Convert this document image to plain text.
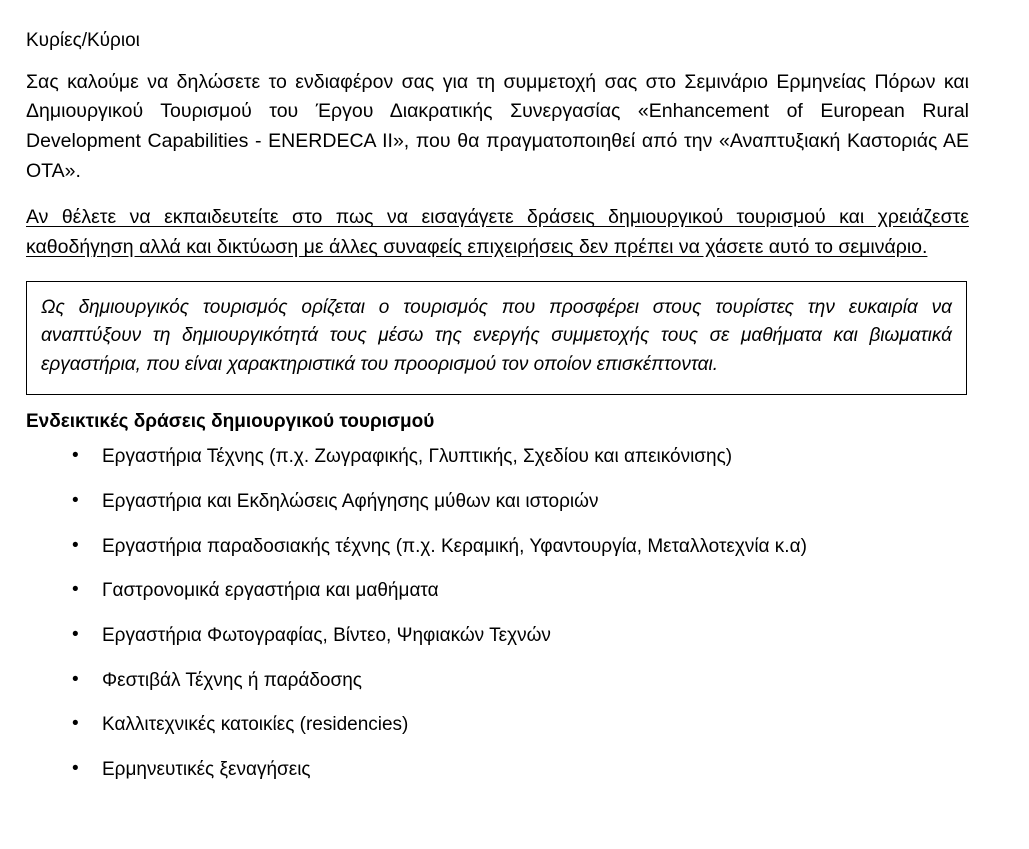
Κυρίες/Κύριοι

Σας καλούμε να δηλώσετε το ενδιαφέρον σας για τη συμμετοχή σας στο Σεμινάριο Ερμηνείας Πόρων και Δημιουργικού Τουρισμού του Έργου Διακρατικής Συνεργασίας «Enhancement of European Rural Development Capabilities - ENERDECA II», που θα πραγματοποιηθεί από την «Αναπτυξιακή Καστοριάς ΑΕ ΟΤΑ».

Αν θέλετε να εκπαιδευτείτε στο πως να εισαγάγετε δράσεις δημιουργικού τουρισμού και χρειάζεστε καθοδήγηση αλλά και δικτύωση με άλλες συναφείς επιχειρήσεις δεν πρέπει να χάσετε αυτό το σεμινάριο.

Ως δημιουργικός τουρισμός ορίζεται ο τουρισμός που προσφέρει στους τουρίστες την ευκαιρία να αναπτύξουν τη δημιουργικότητά τους μέσω της ενεργής συμμετοχής τους σε μαθήματα και βιωματικά εργαστήρια, που είναι χαρακτηριστικά του προορισμού τον οποίον επισκέπτονται.

Ενδεικτικές δράσεις δημιουργικού τουρισμού

• Εργαστήρια Τέχνης (π.χ. Ζωγραφικής, Γλυπτικής, Σχεδίου και απεικόνισης)
• Εργαστήρια και Εκδηλώσεις Αφήγησης μύθων και ιστοριών
• Εργαστήρια παραδοσιακής τέχνης (π.χ. Κεραμική, Υφαντουργία, Μεταλλοτεχνία κ.α)
• Γαστρονομικά εργαστήρια και μαθήματα
• Εργαστήρια Φωτογραφίας, Βίντεο, Ψηφιακών Τεχνών
• Φεστιβάλ Τέχνης ή παράδοσης
• Καλλιτεχνικές κατοικίες (residencies)
• Ερμηνευτικές ξεναγήσεις
